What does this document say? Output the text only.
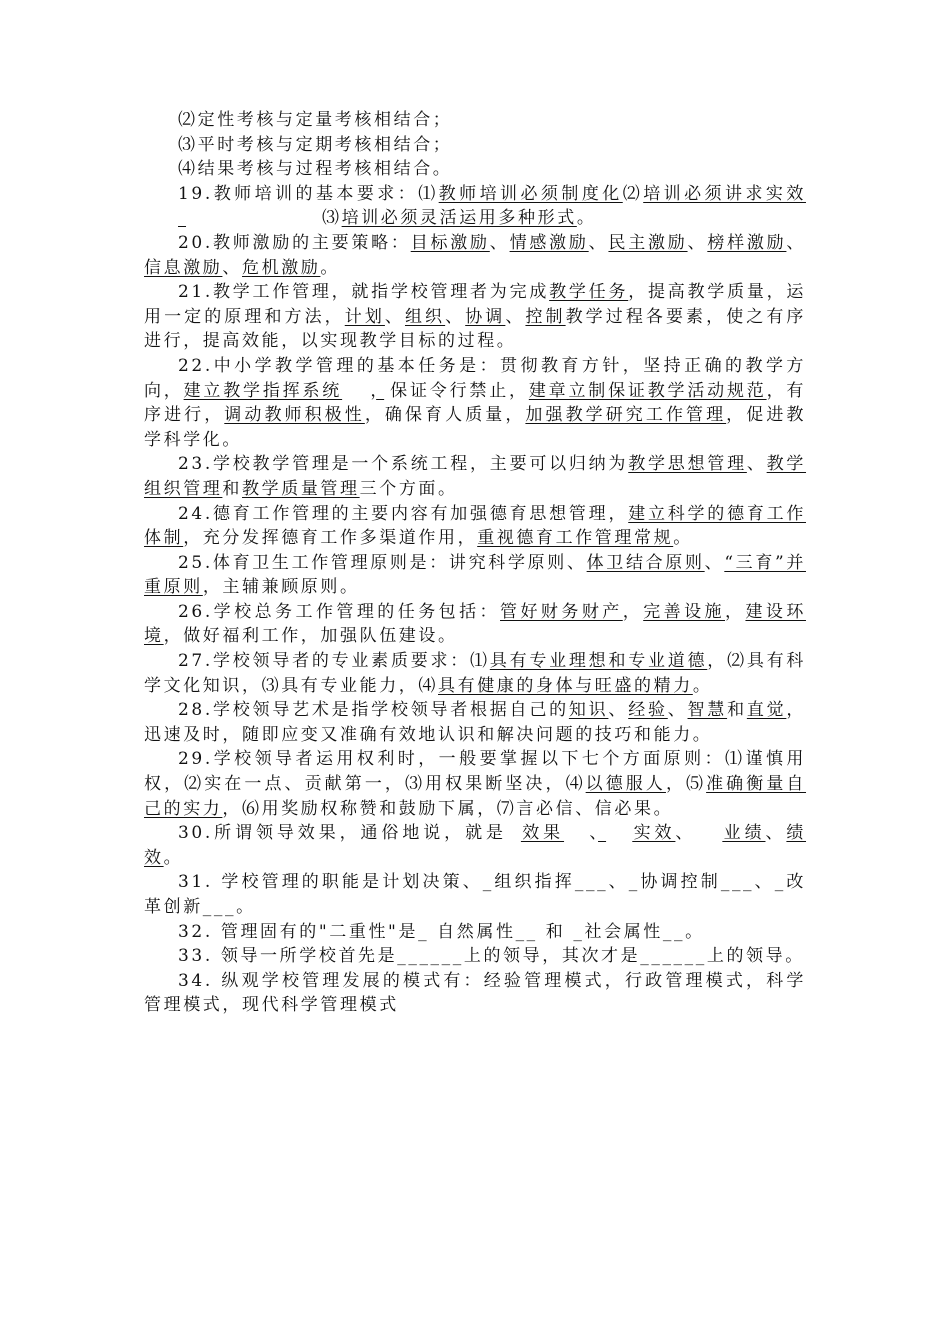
⑵定性考核与定量考核相结合；

⑶平时考核与定期考核相结合；

⑷结果考核与过程考核相结合。

19.教师培训的基本要求：⑴教师培训必须制度化⑵培训必须讲求实效 ⑶培训必须灵活运用多种形式。

20.教师激励的主要策略：目标激励、情感激励、民主激励、榜样激励、信息激励、危机激励。

21.教学工作管理，就指学校管理者为完成教学任务，提高教学质量，运用一定的原理和方法，计划、组织、协调、控制教学过程各要素，使之有序进行，提高效能，以实现教学目标的过程。

22.中小学教学管理的基本任务是：贯彻教育方针，坚持正确的教学方向，建立教学指挥系统 ，保证令行禁止，建章立制保证教学活动规范，有序进行，调动教师积极性，确保育人质量，加强教学研究工作管理，促进教学科学化。

23.学校教学管理是一个系统工程，主要可以归纳为教学思想管理、教学组织管理和教学质量管理三个方面。

24.德育工作管理的主要内容有加强德育思想管理，建立科学的德育工作体制，充分发挥德育工作多渠道作用，重视德育工作管理常规。

25.体育卫生工作管理原则是：讲究科学原则、体卫结合原则、“三育”并重原则，主辅兼顾原则。

26.学校总务工作管理的任务包括：管好财务财产，完善设施，建设环境，做好福利工作，加强队伍建设。

27.学校领导者的专业素质要求：⑴具有专业理想和专业道德，⑵具有科学文化知识，⑶具有专业能力，⑷具有健康的身体与旺盛的精力。

28.学校领导艺术是指学校领导者根据自己的知识、经验、智慧和直觉，迅速及时，随即应变又准确有效地认识和解决问题的技巧和能力。

29.学校领导者运用权利时，一般要掌握以下七个方面原则：⑴谨慎用权，⑵实在一点、贡献第一，⑶用权果断坚决，⑷以德服人，⑸准确衡量自己的实力，⑹用奖励权称赞和鼓励下属，⑺言必信、信必果。

30.所谓领导效果，通俗地说，就是 效果 、 实效、 业绩、绩效。

31. 学校管理的职能是计划决策、_组织指挥___、_协调控制___、_改革创新___。

32. 管理固有的"二重性"是_ 自然属性__ 和 _社会属性__。

33. 领导一所学校首先是______上的领导，其次才是______上的领导。

34. 纵观学校管理发展的模式有：经验管理模式，行政管理模式，科学管理模式，现代科学管理模式
